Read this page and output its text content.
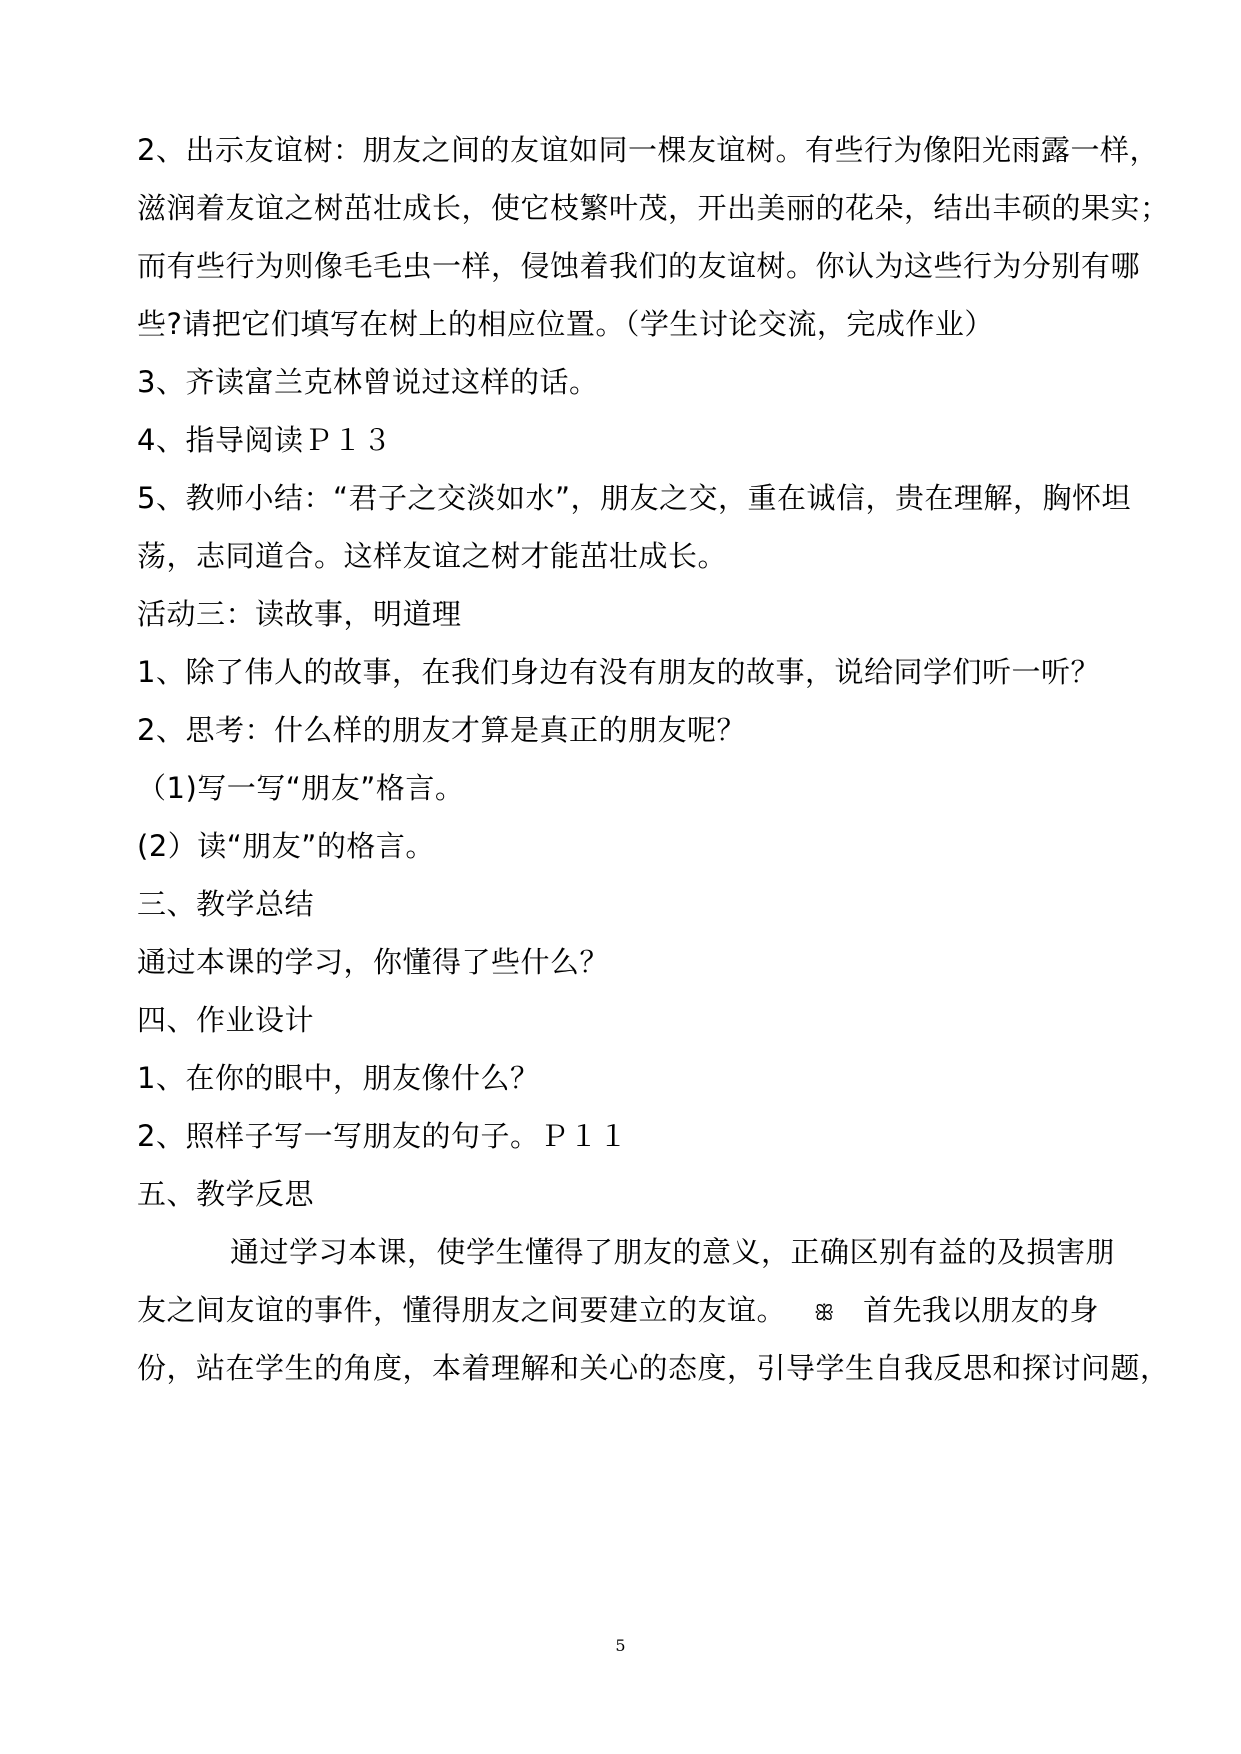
2、出示友谊树：朋友之间的友谊如同一棵友谊树。有些行为像阳光雨露一样，
滋润着友谊之树茁壮成长，使它枝繁叶茂，开出美丽的花朵，结出丰硕的果实；
而有些行为则像毛毛虫一样，侵蚀着我们的友谊树。你认为这些行为分别有哪
些?请把它们填写在树上的相应位置。（学生讨论交流，完成作业）
3、齐读富兰克林曾说过这样的话。
4、指导阅读Ｐ１３
5、教师小结：“君子之交淡如水”，朋友之交，重在诚信，贵在理解，胸怀坦
荡，志同道合。这样友谊之树才能茁壮成长。
活动三：读故事，明道理
1、除了伟人的故事，在我们身边有没有朋友的故事，说给同学们听一听？
2、思考：什么样的朋友才算是真正的朋友呢？
（1)写一写“朋友”格言。
(2）读“朋友”的格言。
三、教学总结
通过本课的学习，你懂得了些什么？
四、作业设计
1、在你的眼中，朋友像什么？
2、照样子写一写朋友的句子。Ｐ１１
五、教学反思
通过学习本课，使学生懂得了朋友的意义，正确区别有益的及损害朋
友之间友谊的事件，懂得朋友之间要建立的友谊。 ꕥ 首先我以朋友的身
份，站在学生的角度，本着理解和关心的态度，引导学生自我反思和探讨问题，
5
